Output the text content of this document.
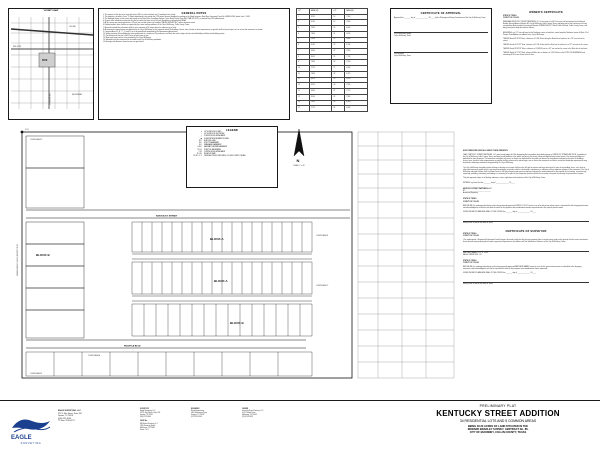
VICINITY MAP
SITE
US 380
FM 2478
CUSTER RD	MCKINNEY
GENERAL NOTES
1. The purpose of this plat is to create thirty-four (34) Lots of record from one (1) unplatted tract of land.
2. The property is located in Zone "X" (Areas determined to be outside the 0.2% annual chance floodplain) according to the Flood Insurance Rate Map Community Panel No. 48085C0430J, dated June 2, 2009.
3. The bearings shown on this survey are based on the State Plane Coordinate System, Texas North Central Zone 4202, NAD 83 (2011), as derived from GPS observations.
4. No part of the subdivision shown on this plat lies within the limits of any 100-year floodplain as delineated by FEMA.
5. All lot corners are monumented with a 1/2-inch iron rod with plastic cap stamped "EAGLE SURVEYING" unless otherwise noted.
6. Building setback lines shall be as required by the current zoning ordinance of the City of McKinney, Collin County, Texas.
7. Minimum finished floor elevations shall be set a minimum of 24 inches above the adjacent top of curb.
8. All easements shown hereon are dedicated to the City of McKinney for the purposes stated. No buildings, fences, trees, shrubs or other improvements or growths shall be placed upon, over or across the easements as shown.
9. Common Areas 'A', 'B', 'C', 'D' and 'E' are to be owned and maintained by the Homeowners Association.
10. Selling a portion of this addition by metes and bounds is a violation of City ordinance and State law and is subject to fines and withholding of utilities and building permits.
11. The total area of this plat is 46.20 acres of land, more or less.
12. Water and sewer service to be provided by the City of McKinney.
13. Sidewalks shall be constructed in accordance with City of McKinney standards.
14. Bearings and distances shown hereon are grid values.
LOT	AREA (SF)	LOT	AREA (SF)
1	8,250	18	7,980
2	8,100	19	7,800
3	7,950	20	8,040
4	7,800	21	8,220
5	7,920	22	8,400
6	8,160	23	8,130
7	8,340	24	7,860
8	8,010	25	7,740
9	7,860	26	7,950
10	7,710	27	8,190
11	7,890	28	8,370
12	8,070	29	8,250
13	8,250	30	7,920
14	8,430	31	7,770
15	8,190	32	7,980
16	7,920	33	8,160
17	7,770	34	8,340
CERTIFICATE OF APPROVAL
Approved this _______ day of ______________, 20____, by the Planning and Zoning Commission of the City of McKinney, Texas.
City of McKinney, Mayor
City of McKinney, Texas
City Secretary
City of McKinney, Texas
OWNER'S CERTIFICATE
STATE OF TEXAS
COUNTY OF COLLIN
WHEREAS KENTUCKY STREET PARTNERS, LLC is the owner of a 46.20 acre tract of land situated in the Edward Bradley Survey, Abstract Number 86, City of McKinney, Collin County, Texas, and being part of that certain tract of land conveyed by deed recorded in Instrument Number 20180601000712, Official Public Records, Collin County, Texas, and being more particularly described as follows:
BEGINNING at a 1/2" iron rod found at the Northwest corner of said tract, same being the Northeast corner of Block 12 of Prosper Park Addition, an addition to the City of McKinney;
THENCE North 89°42'18" East, a distance of 1,248.16 feet along the North line of said tract to a 1/2" iron rod set for corner;
THENCE South 00°17'42" East, a distance of 1,611.44 feet with the East line of said tract to a 1/2" iron rod set for corner;
THENCE South 89°42'18" West, a distance of 1,248.16 feet to a 1/2" iron rod set for corner in the West line of said tract;
THENCE North 00°17'42" West, along said West line, a distance of 1,611.44 feet to the POINT OF BEGINNING and containing 46.20 acres of land, more or less.
KENTUCKY STREET
PACIFICA BLVD
BLOCK B
BLOCK A
BLOCK A
BLOCK B
EDWARD BRADLEY SURVEY, ABSTRACT NO. 86
P.O.B.
COMMON AREA 'A'
COMMON AREA 'B'
COMMON AREA 'C'
COMMON AREA 'D'
COMMON AREA 'E'
LEGEND
● 1/2" IRON ROD FOUND
○ 1/2" IRON ROD SET W/CAP
△ CONTROLLING MONUMENT
▣ CONCRETE MONUMENT FOUND
B.L. BUILDING LINE
U.E. UTILITY EASEMENT
D.E. DRAINAGE EASEMENT
S.S.E. SANITARY SEWER EASEMENT
P.O.B. POINT OF BEGINNING
C.M. CONTROLLING MONUMENT
R.O.W. RIGHT-OF-WAY
O.P.R.C.C.T. OFFICIAL PUBLIC RECORDS, COLLIN COUNTY, TEXAS
N
SCALE: 1" = 60'
NOW THEREFORE KNOW ALL MEN BY THESE PRESENTS:
THAT, KENTUCKY STREET PARTNERS, LLC, does hereby adopt this Plat designating the hereinabove described property as KENTUCKY STREET ADDITION, an addition to the City of McKinney, Collin County, Texas, and does hereby dedicate to the public use forever the streets, alleys and rights-of-way shown hereon. The streets and alleys are dedicated for street purposes. The easements and public use areas, as shown, are dedicated for the public use forever for the purposes indicated on this plat. No buildings, fences, trees, shrubs or other improvements or growths shall be constructed or placed upon, over or across the easements as shown, except that landscape improvements may be placed in landscape easements if approved by the City of McKinney.
The City of McKinney and public entities utilizing or desiring to use same shall have the full right to remove and keep removed all or parts of any building, fence, tree, shrub or other improvement or growth which in any way may endanger or interfere with the construction, maintenance or efficiency of their respective systems in the easements. The City of McKinney and public entities shall at all times have the full right of ingress and egress to and from and upon the said easements for the purpose of constructing, reconstructing, inspecting, patrolling, maintaining and adding to or removing all or parts of their respective systems without the necessity at any time of procuring the permission of anyone.
This plat approved subject to all platting ordinances, rules, regulations and resolutions of the City of McKinney, Texas.
WITNESS, my hand, this the ________ day of ______________, 20____.
KENTUCKY STREET PARTNERS, LLC
BY: ____________________________
Authorized Signatory
STATE OF TEXAS
COUNTY OF COLLIN
BEFORE ME, the undersigned authority, on this day personally appeared JOSEPH L. HOLT, known to me to be the person whose name is subscribed to the foregoing instrument, and acknowledged to me that he executed the same for the purposes and considerations therein expressed and in the capacity therein stated.
GIVEN UNDER MY HAND AND SEAL OF THE OFFICE this _______ day of ______________, 20____.
Notary Public in and for the State of Texas
CERTIFICATE OF SURVEYOR
STATE OF TEXAS
COUNTY OF COLLIN
I, the undersigned, a Registered Professional Land Surveyor, do hereby certify that this plat was prepared from an actual survey made on the ground; that the corner monuments shown thereon were properly placed under my personal supervision in accordance with the Subdivision Ordinance of the City of McKinney, Texas.
MATTHEW RAABE, R.P.L.S. #6402
EAGLE SURVEYING, LLC
STATE OF TEXAS
COUNTY OF COLLIN
BEFORE ME, the undersigned authority, on this day personally appeared MATTHEW RAABE, known to me to be the person whose name is subscribed to the foregoing instrument, and acknowledged to me that he executed the same for the purposes and considerations therein expressed.
GIVEN UNDER MY HAND AND SEAL OF THE OFFICE this _______ day of ______________, 20____.
Notary Public in and for the State of Texas
EAGLE
SURVEYING
EAGLE SURVEYING, LLC
222 S. Elm Street, Suite 200
Denton, TX 76201
(940) 222-3009
TX Firm #10194177
SURVEYOR
Eagle Surveying, LLC
222 S. Elm Street, Suite 200
Denton, TX 76201
(940) 222-3009
ENGINEER
Rowe Engineering
1005 Silverstone Drive
Prosper, TX 75078
(972) 201-3100
OWNER
Kentucky Street Partners, LLC
4171 Ottawa Drive
McKinney, TX 75069
(214) 555-0199
CASE No.
MB Devlin Planning, LLC
1920 Kentucky Street
McKinney, TX 75069
Sheet 1 of 1
PRELIMINARY PLAT
KENTUCKY STREET ADDITION
34 RESIDENTIAL LOTS AND 5 COMMON AREAS
BEING 46.20 ACRES OF LAND SITUATED IN THE
EDWARD BRADLEY SURVEY, ABSTRACT No. 86,
CITY OF McKINNEY, COLLIN COUNTY, TEXAS
